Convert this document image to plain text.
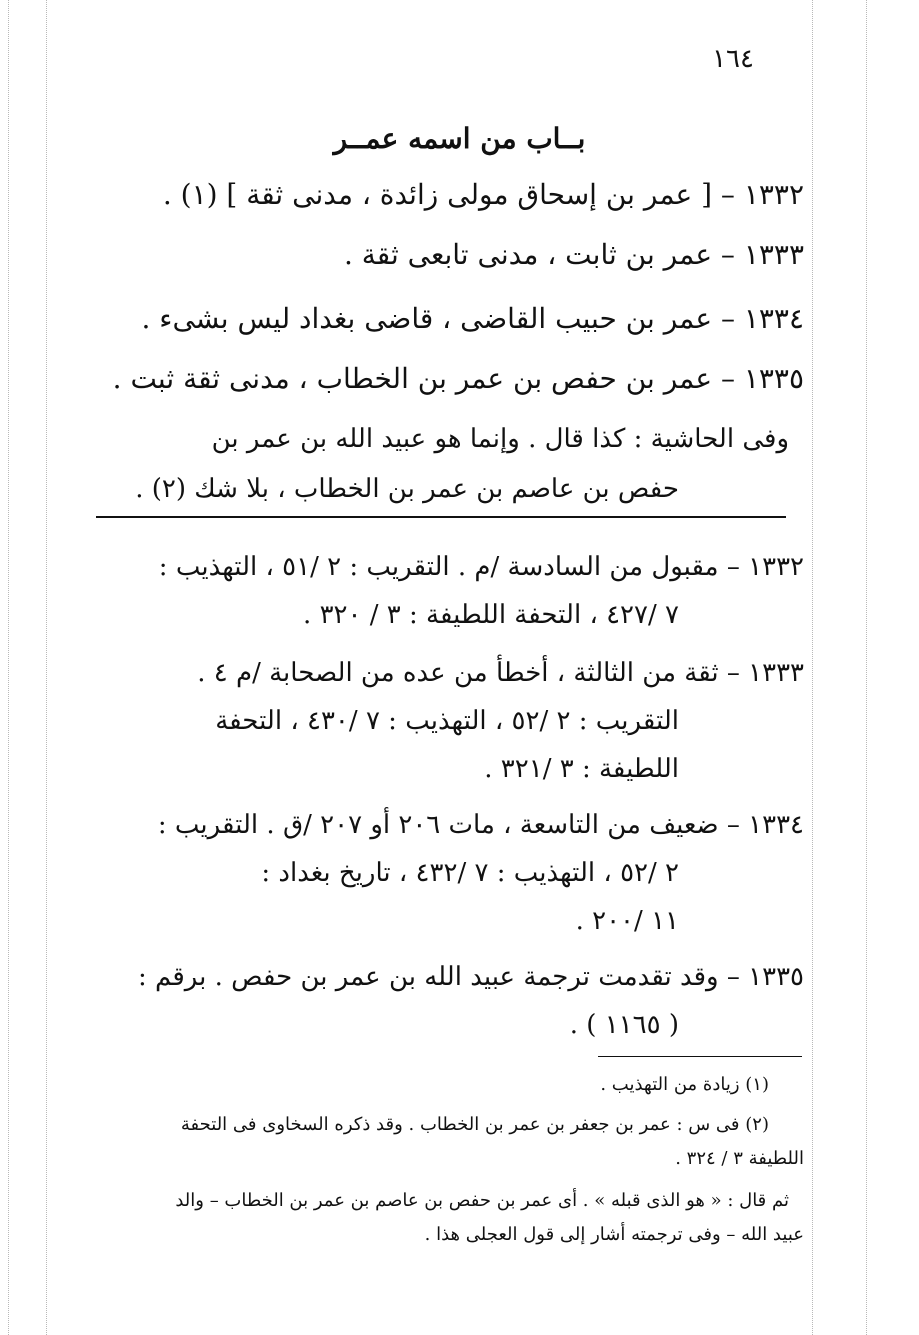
١٦٤
بــاب من اسمه عمــر
١٣٣٢ – [ عمر بن إسحاق مولى زائدة ، مدنى ثقة ] (١) .
١٣٣٣ – عمر بن ثابت ، مدنى تابعى ثقة .
١٣٣٤ – عمر بن حبيب القاضى ، قاضى بغداد ليس بشىء .
١٣٣٥ – عمر بن حفص بن عمر بن الخطاب ، مدنى ثقة ثبت .
وفى الحاشية : كذا قال . وإنما هو عبيد الله بن عمر بن
حفص بن عاصم بن عمر بن الخطاب ، بلا شك (٢) .
١٣٣٢ – مقبول من السادسة /م . التقريب : ٢ /٥١ ، التهذيب :
٧ /٤٢٧ ، التحفة اللطيفة : ٣ / ٣٢٠ .
١٣٣٣ – ثقة من الثالثة ، أخطأ من عده من الصحابة /م ٤ .
التقريب : ٢ /٥٢ ، التهذيب : ٧ /٤٣٠ ، التحفة
اللطيفة : ٣ /٣٢١ .
١٣٣٤ – ضعيف من التاسعة ، مات ٢٠٦ أو ٢٠٧ /ق . التقريب :
٢ /٥٢ ، التهذيب : ٧ /٤٣٢ ، تاريخ بغداد :
١١ /٢٠٠ .
١٣٣٥ – وقد تقدمت ترجمة عبيد الله بن عمر بن حفص . برقم :
( ١١٦٥ ) .
(١) زيادة من التهذيب .
(٢) فى س : عمر بن جعفر بن عمر بن الخطاب . وقد ذكره السخاوى فى التحفة
اللطيفة ٣ / ٣٢٤ .
ثم قال : « هو الذى قبله » . أى عمر بن حفص بن عاصم بن عمر بن الخطاب – والد
عبيد الله – وفى ترجمته أشار إلى قول العجلى هذا .
